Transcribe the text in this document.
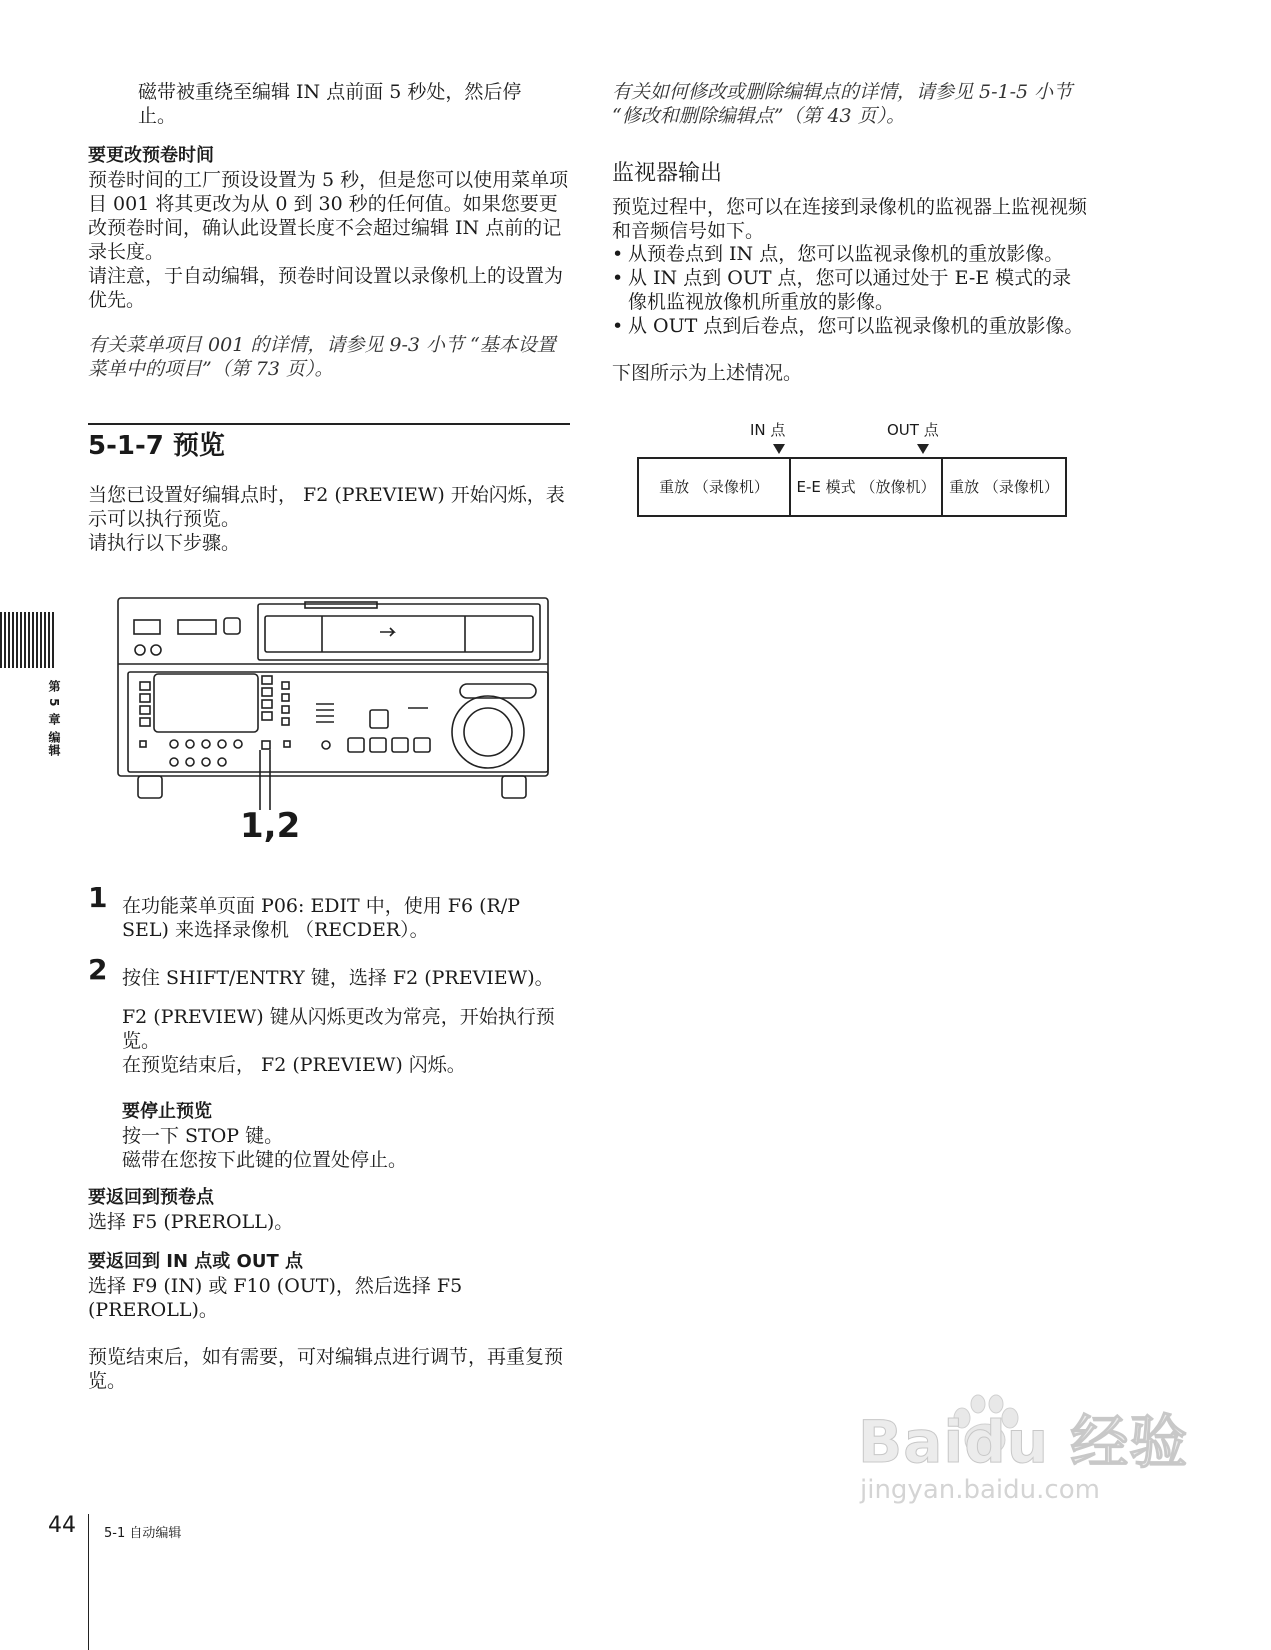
磁带被重绕至编辑 IN 点前面 5 秒处，然后停止。

要更改预卷时间

预卷时间的工厂预设设置为 5 秒，但是您可以使用菜单项目 001 将其更改为从 0 到 30 秒的任何值。如果您要更改预卷时间，确认此设置长度不会超过编辑 IN 点前的记录长度。

请注意，于自动编辑，预卷时间设置以录像机上的设置为优先。

有关菜单项目 001 的详情，请参见 9-3 小节 “基本设置菜单中的项目”（第 73 页）。

5-1-7 预览

当您已设置好编辑点时， F2 (PREVIEW) 开始闪烁，表示可以执行预览。

请执行以下步骤。

1,2
1 在功能菜单页面 P06: EDIT 中，使用 F6 (R/P SEL) 来选择录像机 （RECDER）。

2 按住 SHIFT/ENTRY 键，选择 F2 (PREVIEW)。

F2 (PREVIEW) 键从闪烁更改为常亮，开始执行预览。

在预览结束后， F2 (PREVIEW) 闪烁。

要停止预览

按一下 STOP 键。

磁带在您按下此键的位置处停止。

要返回到预卷点

选择 F5 (PREROLL)。

要返回到 IN 点或 OUT 点

选择 F9 (IN) 或 F10 (OUT)，然后选择 F5 (PREROLL)。

预览结束后，如有需要，可对编辑点进行调节，再重复预览。

有关如何修改或删除编辑点的详情，请参见 5-1-5 小节 “修改和删除编辑点”（第 43 页）。

监视器输出

预览过程中，您可以在连接到录像机的监视器上监视视频和音频信号如下。

• 从预卷点到 IN 点，您可以监视录像机的重放影像。
• 从 IN 点到 OUT 点，您可以通过处于 E-E 模式的录像机监视放像机所重放的影像。
• 从 OUT 点到后卷点，您可以监视录像机的重放影像。

下图所示为上述情况。

IN 点	OUT 点
重放 （录像机）	E-E 模式 （放像机）	重放 （录像机）
第 5 章 编辑
44 5-1 自动编辑
Baidu 经验
jingyan.baidu.com
